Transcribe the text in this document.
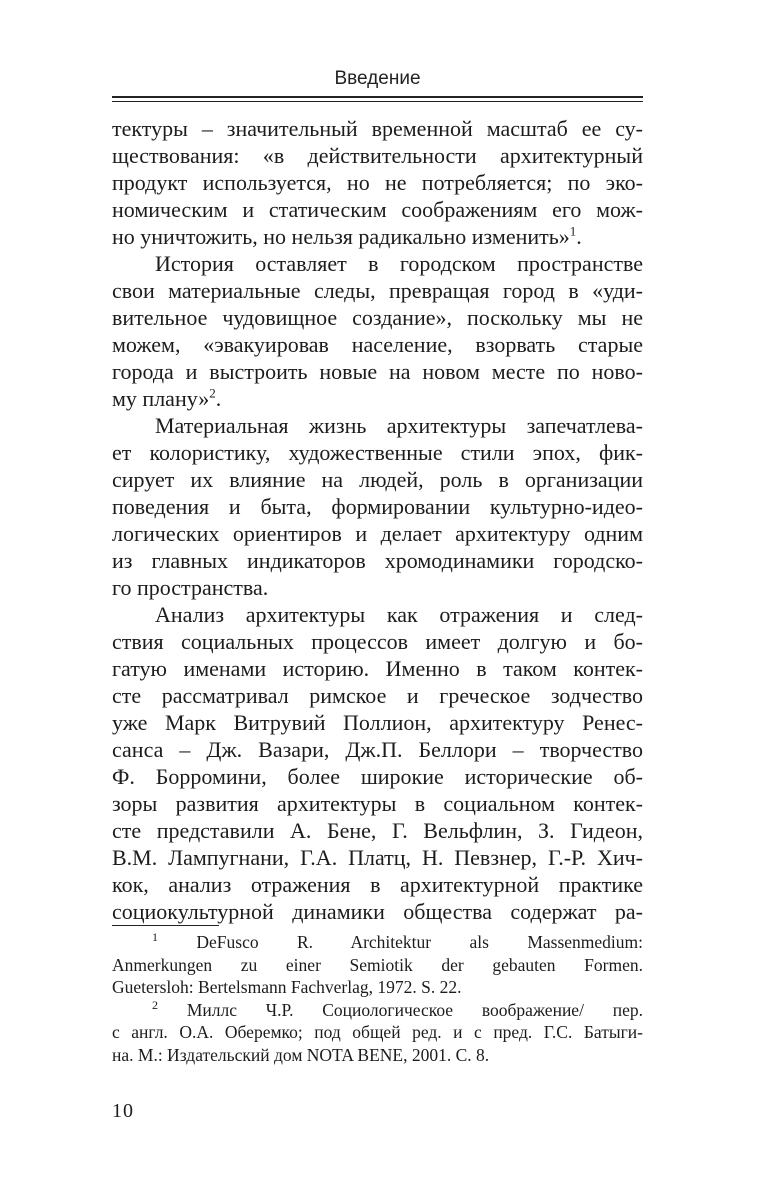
Введение
тектуры – значительный временной масштаб ее су-
ществования: «в действительности архитектурный
продукт используется, но не потребляется; по эко-
номическим и статическим соображениям его мож-
но уничтожить, но нельзя радикально изменить»$^1$.
История оставляет в городском пространстве
свои материальные следы, превращая город в «уди-
вительное чудовищное создание», поскольку мы не
можем, «эвакуировав население, взорвать старые
города и выстроить новые на новом месте по ново-
му плану»$^2$.
Материальная жизнь архитектуры запечатлева-
ет колористику, художественные стили эпох, фик-
сирует их влияние на людей, роль в организации
поведения и быта, формировании культурно-идео-
логических ориентиров и делает архитектуру одним
из главных индикаторов хромодинамики городско-
го пространства.
Анализ архитектуры как отражения и след-
ствия социальных процессов имеет долгую и бо-
гатую именами историю. Именно в таком контек-
сте рассматривал римское и греческое зодчество
уже Марк Витрувий Поллион, архитектуру Ренес-
санса – Дж. Вазари, Дж.П. Беллори – творчество
Ф. Борромини, более широкие исторические об-
зоры развития архитектуры в социальном контек-
сте представили А. Бене, Г. Вельфлин, З. Гидеон,
В.М. Лампугнани, Г.А. Платц, Н. Певзнер, Г.-Р. Хич-
кок, анализ отражения в архитектурной практике
социокультурной динамики общества содержат ра-
$^1$ DeFusco R. Architektur als Massenmedium:
Anmerkungen zu einer Semiotik der gebauten Formen.
Guetersloh: Bertelsmann Fachverlag, 1972. S. 22.
$^2$ Миллс Ч.Р. Социологическое воображение/ пер.
с англ. О.А. Оберемко; под общей ред. и с пред. Г.С. Батыги-
на. М.: Издательский дом NOTA BENE, 2001. С. 8.
10
